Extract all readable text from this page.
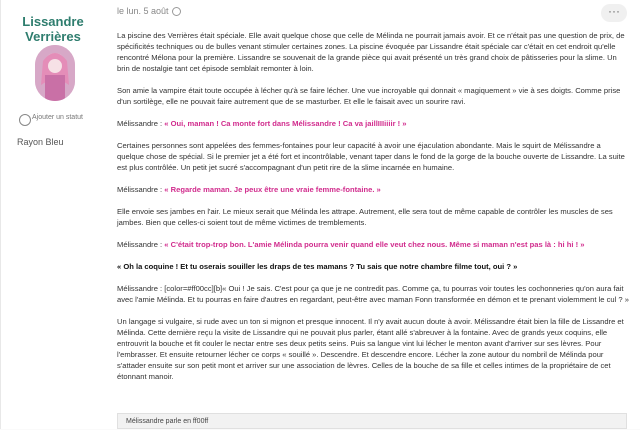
Lissandre
Verrières
Ajouter un statut
Rayon Bleu
le lun. 5 août	···

La piscine des Verrières était spéciale. Elle avait quelque chose que celle de Mélinda ne pourrait jamais avoir. Et ce n'était pas une question de prix, de spécificités techniques ou de bulles venant stimuler certaines zones. La piscine évoquée par Lissandre était spéciale car c'était en cet endroit qu'elle rencontré Mélona pour la première. Lissandre se souvenait de la grande pièce qui avait présenté un très grand choix de pâtisseries pour la slime. Un brin de nostalgie tant cet épisode semblait remonter à loin.

Son amie la vampire était toute occupée à lécher qu'à se faire lécher. Une vue incroyable qui donnait « magiquement » vie à ses doigts. Comme prise d'un sortilège, elle ne pouvait faire autrement que de se masturber. Et elle le faisait avec un sourire ravi.

Mélissandre : « Oui, maman ! Ca monte fort dans Mélissandre ! Ca va jaillIIIiiiir ! »

Certaines personnes sont appelées des femmes-fontaines pour leur capacité à avoir une éjaculation abondante. Mais le squirt de Mélissandre a quelque chose de spécial. Si le premier jet a été fort et incontrôlable, venant taper dans le fond de la gorge de la bouche ouverte de Lissandre. La suite est plus contrôlée. Un petit jet sucré s'accompagnant d'un petit rire de la slime incarnée en humaine.

Mélissandre : « Regarde maman. Je peux être une vraie femme-fontaine. »

Elle envoie ses jambes en l'air. Le mieux serait que Mélinda les attrape. Autrement, elle sera tout de même capable de contrôler les muscles de ses jambes. Bien que celles-ci soient tout de même victimes de tremblements.

Mélissandre : « C'était trop-trop bon. L'amie Mélinda pourra venir quand elle veut chez nous. Même si maman n'est pas là : hi hi ! »

« Oh la coquine ! Et tu oserais souiller les draps de tes mamans ? Tu sais que notre chambre filme tout, oui ? »

Mélissandre : [color=#ff00cc][b]« Oui ! Je sais. C'est pour ça que je ne contredit pas. Comme ça, tu pourras voir toutes les cochonneries qu'on aura fait avec l'amie Mélinda. Et tu pourras en faire d'autres en regardant, peut-être avec maman Fonn transformée en démon et te prenant violemment le cul ? »

Un langage si vulgaire, si rude avec un ton si mignon et presque innocent. Il n'y avait aucun doute à avoir. Mélissandre était bien la fille de Lissandre et Mélinda. Cette dernière reçu la visite de Lissandre qui ne pouvait plus parler, étant allé s'abreuver à la fontaine. Avec de grands yeux coquins, elle entrouvrit la bouche et fit couler le nectar entre ses deux petits seins. Puis sa langue vint lui lécher le menton avant d'arriver sur ses lèvres. Pour l'embrasser. Et ensuite retourner lécher ce corps « souillé ». Descendre. Et descendre encore. Lécher la zone autour du nombril de Mélinda pour s'attader ensuite sur son petit mont et arriver sur une association de lèvres. Celles de la bouche de sa fille et celles intimes de la propriétaire de cet étonnant manoir.

Mélissandre parle en ff00ff
